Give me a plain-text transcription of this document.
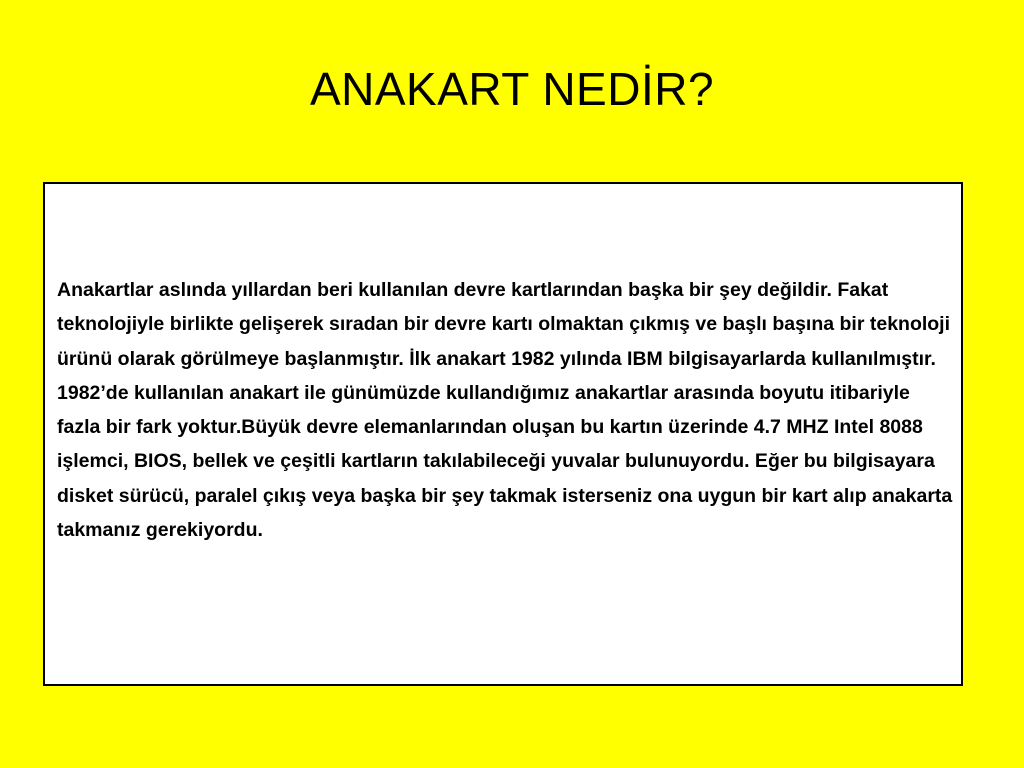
ANAKART NEDİR?

Anakartlar aslında yıllardan beri kullanılan devre kartlarından başka bir şey değildir. Fakat teknolojiyle birlikte gelişerek sıradan bir devre kartı olmaktan çıkmış ve başlı başına bir teknoloji ürünü olarak görülmeye başlanmıştır. İlk anakart 1982 yılında IBM bilgisayarlarda kullanılmıştır. 1982’de kullanılan anakart ile günümüzde kullandığımız anakartlar arasında boyutu itibariyle fazla bir fark yoktur.Büyük devre elemanlarından oluşan bu kartın üzerinde 4.7 MHZ Intel 8088 işlemci, BIOS, bellek ve çeşitli kartların takılabileceği yuvalar bulunuyordu. Eğer bu bilgisayara disket sürücü, paralel çıkış veya başka bir şey takmak isterseniz ona uygun bir kart alıp anakarta takmanız gerekiyordu.
